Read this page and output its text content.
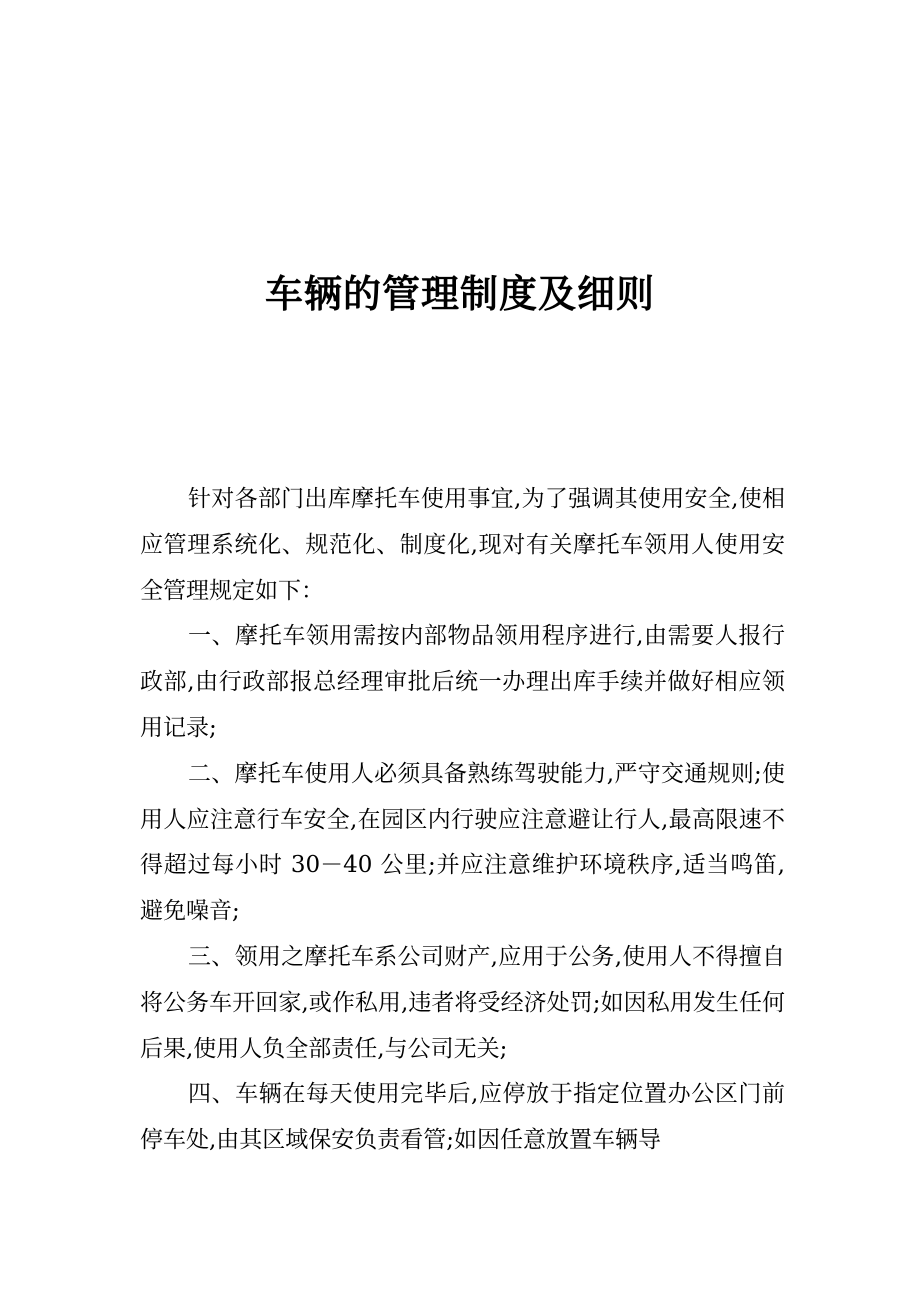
车辆的管理制度及细则

针对各部门出库摩托车使用事宜,为了强调其使用安全,使相应管理系统化、规范化、制度化,现对有关摩托车领用人使用安全管理规定如下：

一、摩托车领用需按内部物品领用程序进行,由需要人报行政部,由行政部报总经理审批后统一办理出库手续并做好相应领用记录;

二、摩托车使用人必须具备熟练驾驶能力,严守交通规则;使用人应注意行车安全,在园区内行驶应注意避让行人,最高限速不得超过每小时 30－40 公里;并应注意维护环境秩序,适当鸣笛,避免噪音;

三、领用之摩托车系公司财产,应用于公务,使用人不得擅自将公务车开回家,或作私用,违者将受经济处罚;如因私用发生任何后果,使用人负全部责任,与公司无关;

四、车辆在每天使用完毕后,应停放于指定位置办公区门前停车处,由其区域保安负责看管;如因任意放置车辆导
